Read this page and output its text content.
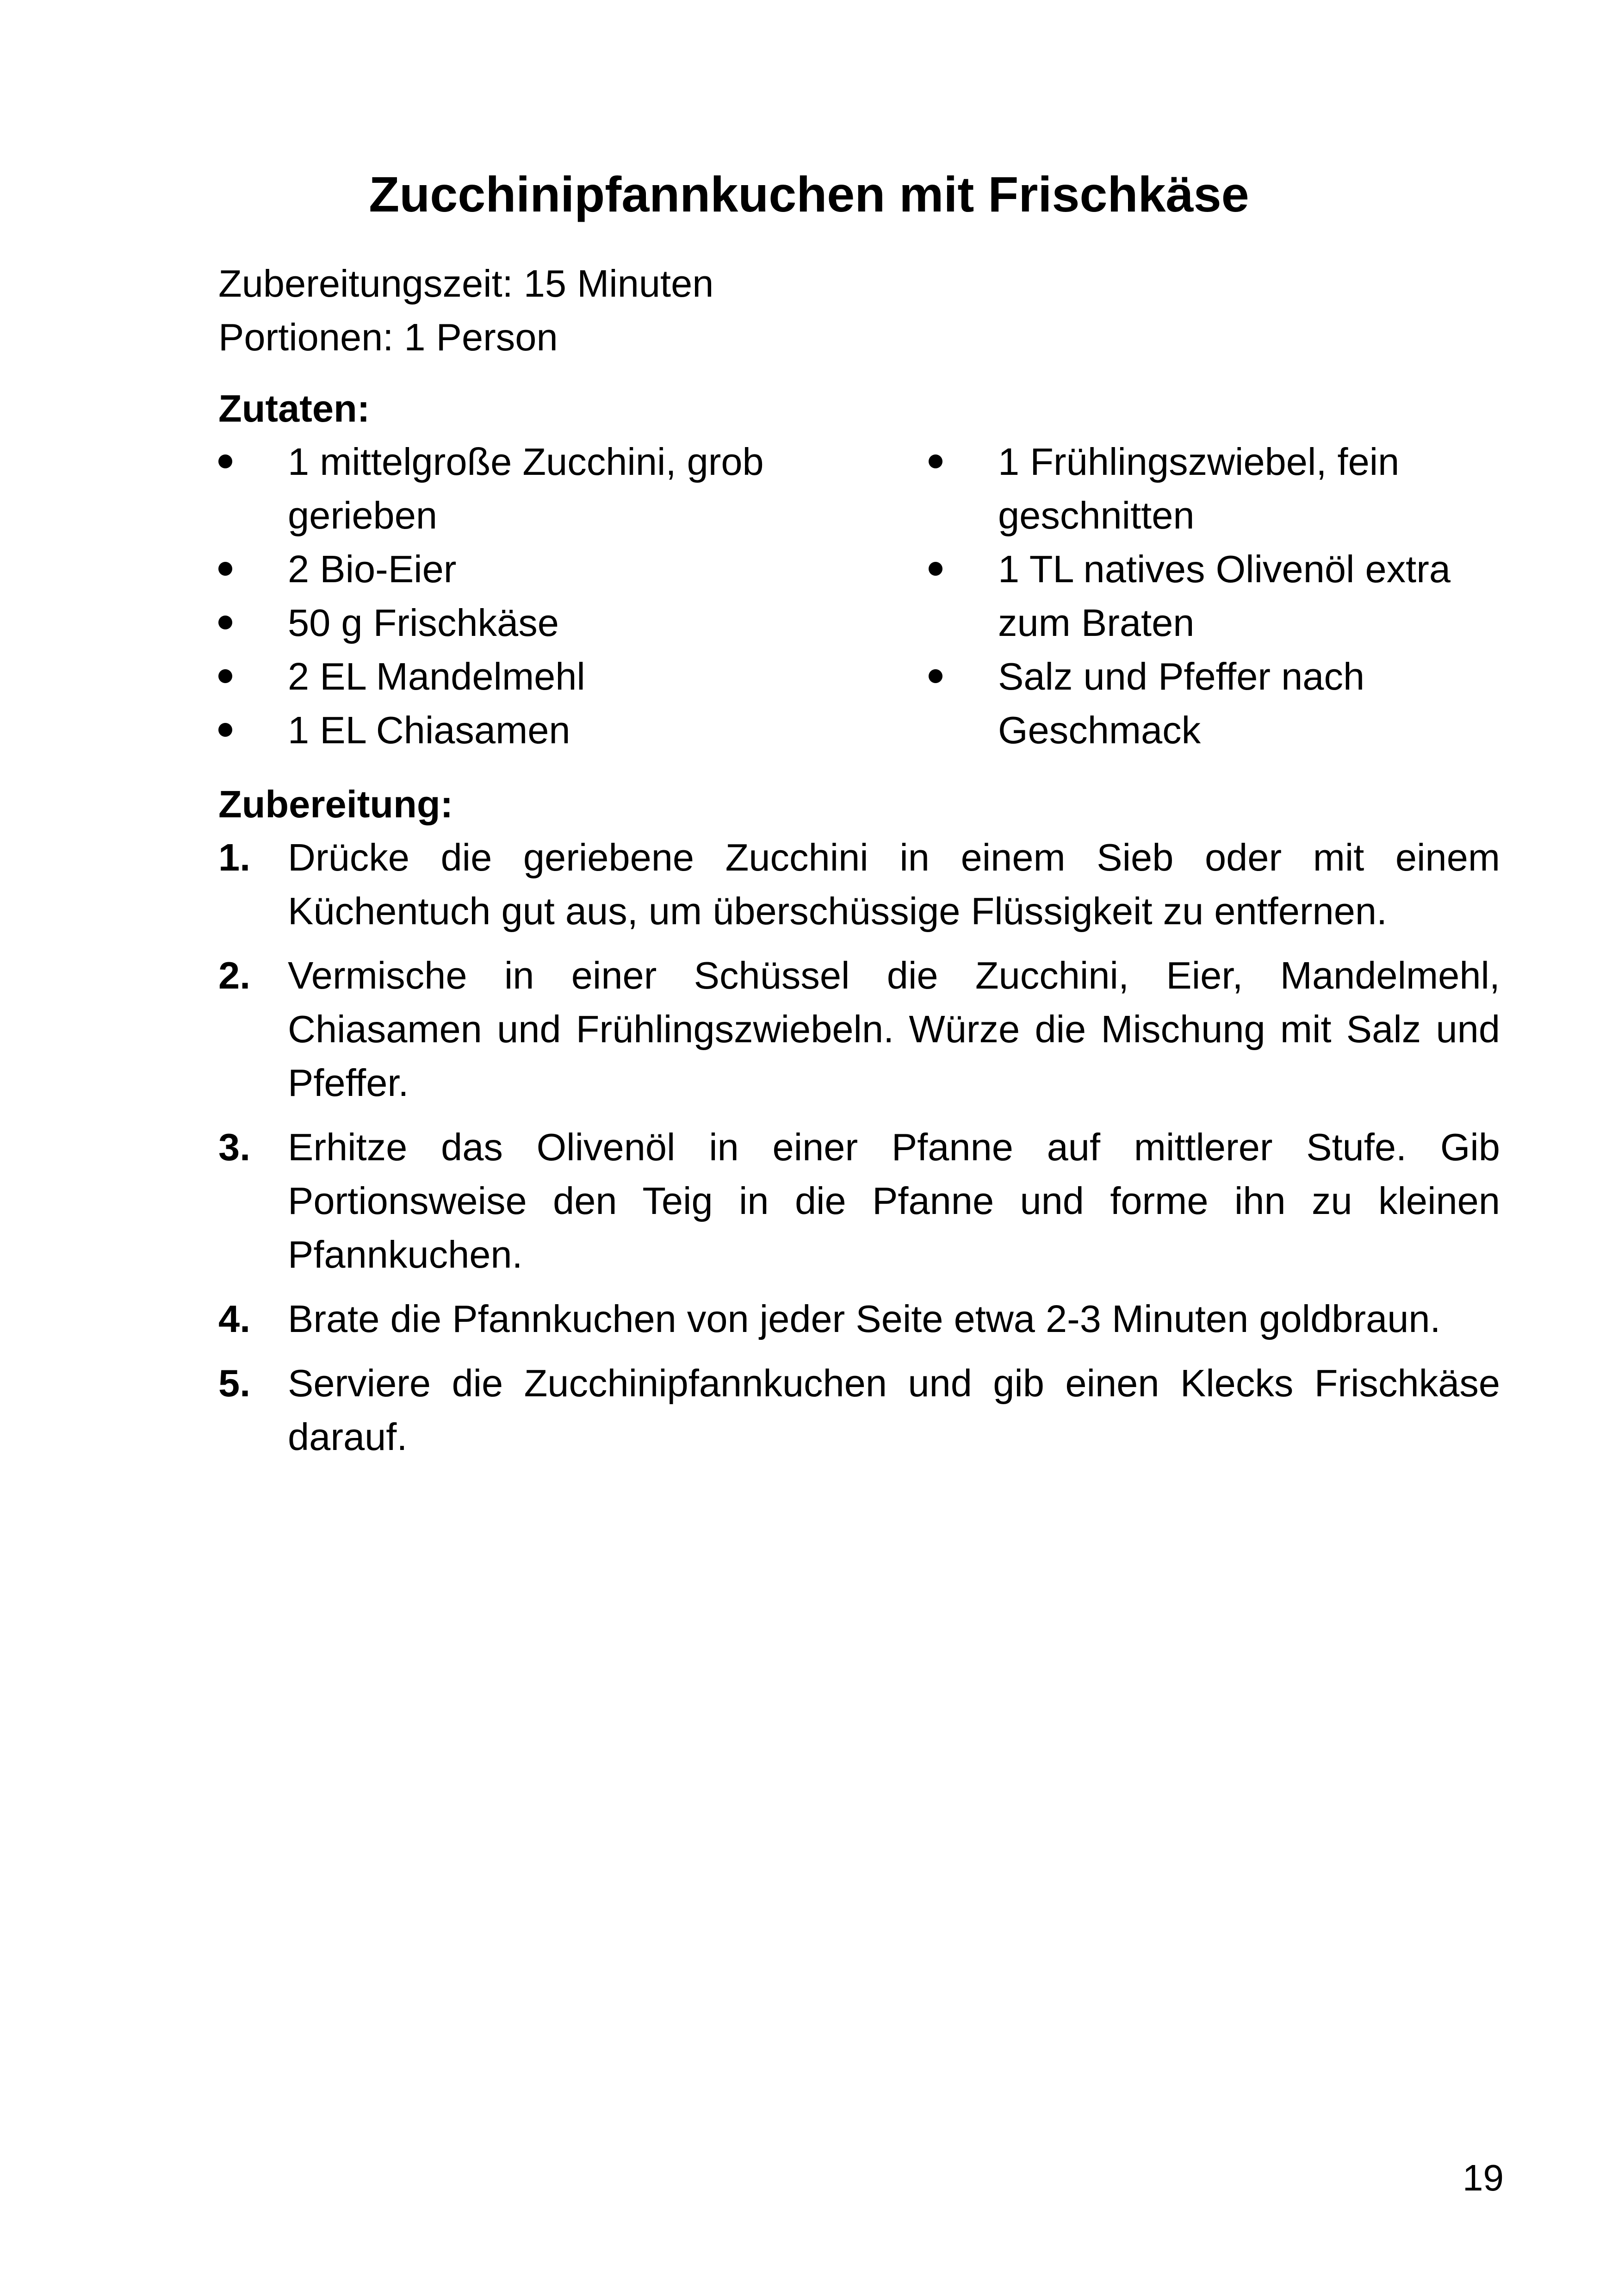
Zucchinipfannkuchen mit Frischkäse
Zubereitungszeit: 15 Minuten
Portionen: 1 Person
Zutaten:
1 mittelgroße Zucchini, grob gerieben
2 Bio-Eier
50 g Frischkäse
2 EL Mandelmehl
1 EL Chiasamen
1 Frühlingszwiebel, fein geschnitten
1 TL natives Olivenöl extra zum Braten
Salz und Pfeffer nach Geschmack
Zubereitung:
1. Drücke die geriebene Zucchini in einem Sieb oder mit einem Küchentuch gut aus, um überschüssige Flüssigkeit zu entfernen.
2. Vermische in einer Schüssel die Zucchini, Eier, Mandelmehl, Chiasamen und Frühlingszwiebeln. Würze die Mischung mit Salz und Pfeffer.
3. Erhitze das Olivenöl in einer Pfanne auf mittlerer Stufe. Gib Portionsweise den Teig in die Pfanne und forme ihn zu kleinen Pfannkuchen.
4. Brate die Pfannkuchen von jeder Seite etwa 2-3 Minuten goldbraun.
5. Serviere die Zucchinipfannkuchen und gib einen Klecks Frischkäse darauf.
19
